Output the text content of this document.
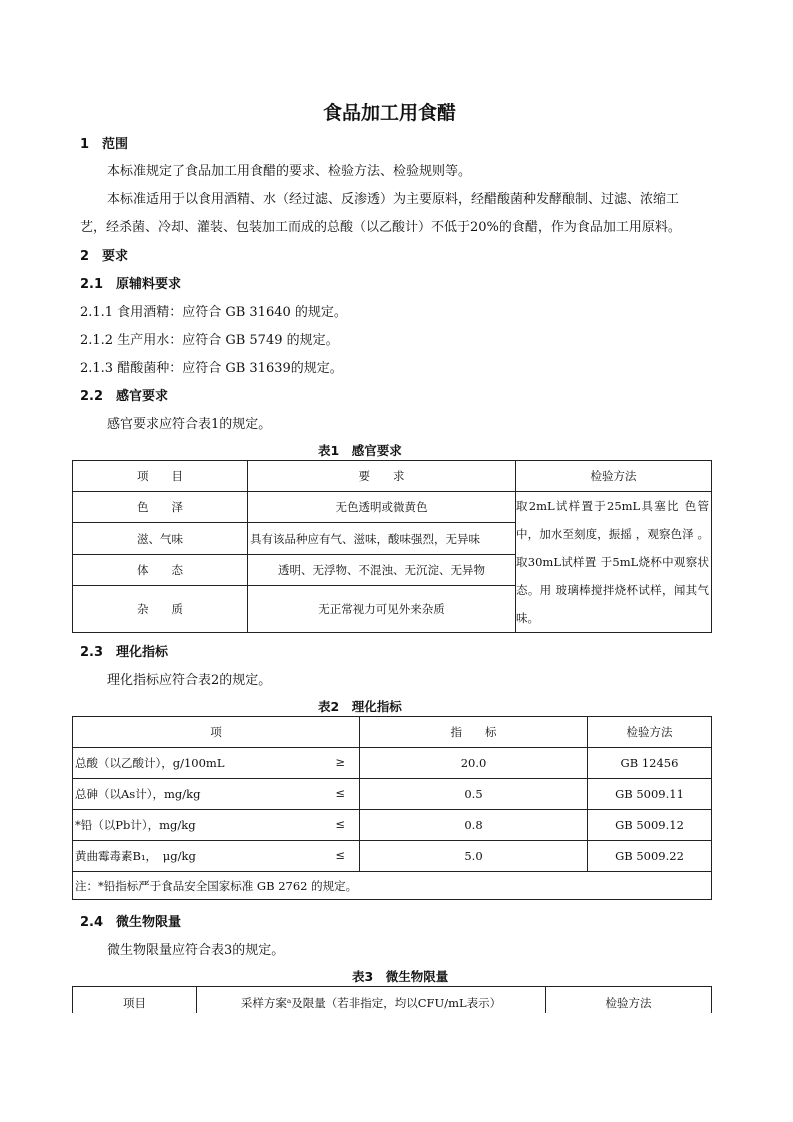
食品加工用食醋
1　范围
本标准规定了食品加工用食醋的要求、检验方法、检验规则等。
本标准适用于以食用酒精、水（经过滤、反渗透）为主要原料，经醋酸菌种发酵酿制、过滤、浓缩工
艺，经杀菌、冷却、灌装、包装加工而成的总酸（以乙酸计）不低于20%的食醋，作为食品加工用原料。
2　要求
2.1　原辅料要求
2.1.1 食用酒精：应符合 GB 31640 的规定。
2.1.2 生产用水：应符合 GB 5749 的规定。
2.1.3 醋酸菌种：应符合 GB 31639的规定。
2.2　感官要求
感官要求应符合表1的规定。
表1　感官要求
项　　目	要　　求	检验方法
色　　泽	无色透明或微黄色	取2mL试样置于25mL具塞比 色管中，加水至刻度，振摇 ，观察色泽 。取30mL试样置 于5mL烧杯中观察状态。用 玻璃棒搅拌烧杯试样，闻其气味。
滋、气味	具有该品种应有气、滋味，酸味强烈，无异味	
体　　态	透明、无浮物、不混浊、无沉淀、无异物	
杂　　质	无正常视力可见外来杂质	
2.3　理化指标
理化指标应符合表2的规定。
表2　理化指标
项	指　　标	检验方法
总酸（以乙酸计），g/100mL ≥	20.0	GB 12456
总砷（以As计），mg/kg ≤	0.5	GB 5009.11
*铅（以Pb计），mg/kg ≤	0.8	GB 5009.12
黄曲霉毒素B₁，　μg/kg ≤	5.0	GB 5009.22
注：*铅指标严于食品安全国家标准 GB 2762 的规定。		
2.4　微生物限量
微生物限量应符合表3的规定。
表3　微生物限量
项目	采样方案ᵃ及限量（若非指定，均以CFU/mL表示）	检验方法
